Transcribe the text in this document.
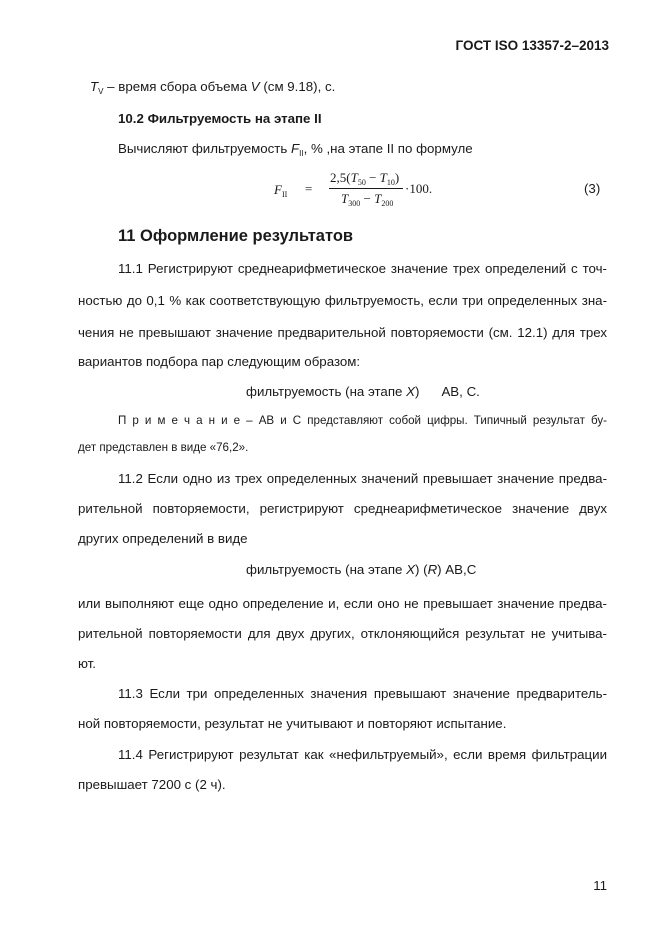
ГОСТ ISO 13357-2–2013
$T_V$ – время сбора объема V (см 9.18), с.
10.2 Фильтруемость на этапе II
Вычисляют фильтруемость $F_{II}$, % ,на этапе II по формуле
$F_{II}$ =
$2,5(T_{50} - T_{10})$
$T_{300} - T_{200}$
·100.	(3)
11 Оформление результатов
11.1 Регистрируют среднеарифметическое значение трех определений с точ-
ностью до 0,1 % как соответствующую фильтруемость, если три определенных зна-
чения не превышают значение предварительной повторяемости (см. 12.1) для трех
вариантов подбора пар следующим образом:
фильтруемость (на этапе X) АВ, С.
П р и м е ч а н и е – АВ и С представляют собой цифры. Типичный результат бу-
дет представлен в виде «76,2».
11.2 Если одно из трех определенных значений превышает значение предва-
рительной повторяемости, регистрируют среднеарифметическое значение двух
других определений в виде
фильтруемость (на этапе X) (R) АВ,С
или выполняют еще одно определение и, если оно не превышает значение предва-
рительной повторяемости для двух других, отклоняющийся результат не учитыва-
ют.
11.3 Если три определенных значения превышают значение предваритель-
ной повторяемости, результат не учитывают и повторяют испытание.
11.4 Регистрируют результат как «нефильтруемый», если время фильтрации
превышает 7200 с (2 ч).
11
